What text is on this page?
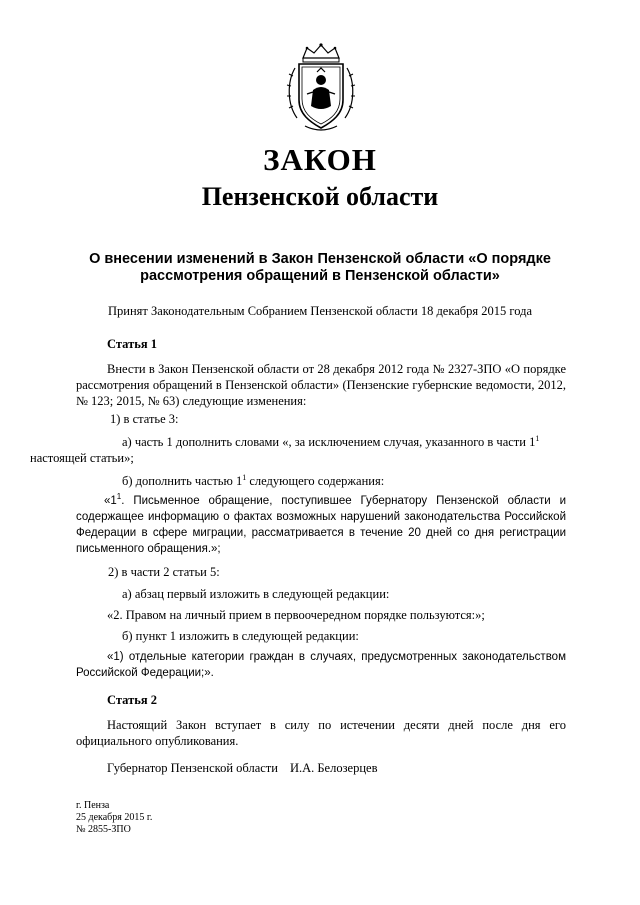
ЗАКОН
Пензенской области
О внесении изменений в Закон Пензенской области «О порядке
рассмотрения обращений в Пензенской области»
Принят Законодательным Собранием Пензенской области 18 декабря 2015 года
Статья 1
Внести в Закон Пензенской области от 28 декабря 2012 года № 2327-ЗПО «О порядке рассмотрения обращений в Пензенской области» (Пензенские губернские ведомости, 2012, № 123; 2015, № 63) следующие изменения:
1) в статье 3:
а) часть 1 дополнить словами «, за исключением случая, указанного в части $1^1$
настоящей статьи»;
б) дополнить частью $1^1$ следующего содержания:
«$1^1$. Письменное обращение, поступившее Губернатору Пензенской области и содержащее информацию о фактах возможных нарушений законодательства Российской Федерации в сфере миграции, рассматривается в течение 20 дней со дня регистрации письменного обращения.»;
2) в части 2 статьи 5:
а) абзац первый изложить в следующей редакции:
«2. Правом на личный прием в первоочередном порядке пользуются:»;
б) пункт 1 изложить в следующей редакции:
«1) отдельные категории граждан в случаях, предусмотренных законодательством Российской Федерации;».
Статья 2
Настоящий Закон вступает в силу по истечении десяти дней после дня его официального опубликования.
Губернатор Пензенской области И.А. Белозерцев
г. Пенза
25 декабря 2015 г.
№ 2855-ЗПО
